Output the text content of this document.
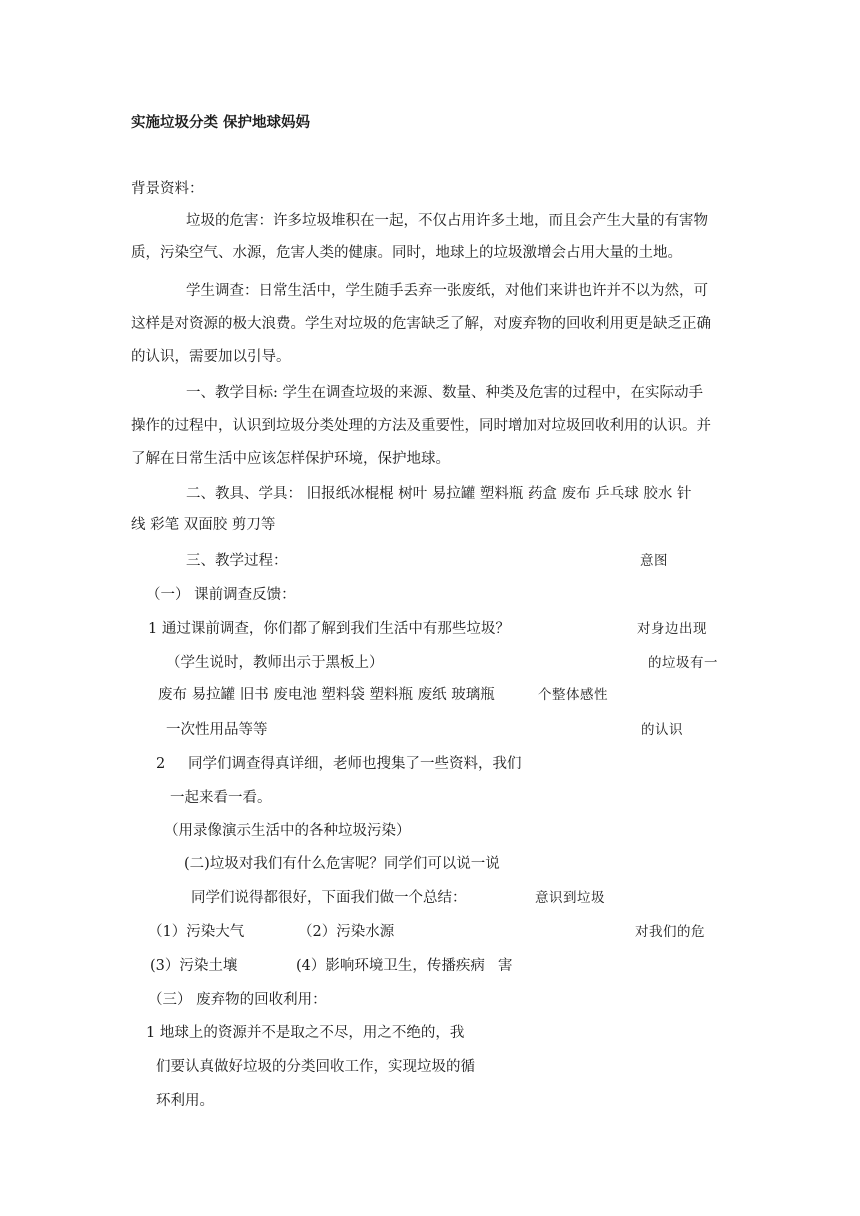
实施垃圾分类 保护地球妈妈
背景资料：
垃圾的危害：许多垃圾堆积在一起，不仅占用许多土地，而且会产生大量的有害物
质，污染空气、水源，危害人类的健康。同时，地球上的垃圾激增会占用大量的土地。
学生调查：日常生活中，学生随手丢弃一张废纸，对他们来讲也许并不以为然，可
这样是对资源的极大浪费。学生对垃圾的危害缺乏了解，对废弃物的回收利用更是缺乏正确
的认识，需要加以引导。
一、教学目标: 学生在调查垃圾的来源、数量、种类及危害的过程中，在实际动手
操作的过程中，认识到垃圾分类处理的方法及重要性，同时增加对垃圾回收利用的认识。并
了解在日常生活中应该怎样保护环境，保护地球。
二、教具、学具： 旧报纸冰棍棍 树叶 易拉罐 塑料瓶 药盒 废布 乒乓球 胶水 针
线 彩笔 双面胶 剪刀等
三、教学过程：	意图
（一） 课前调查反馈：
1 通过课前调查，你们都了解到我们生活中有那些垃圾？	对身边出现
（学生说时，教师出示于黑板上）	的垃圾有一
废布 易拉罐 旧书 废电池 塑料袋 塑料瓶 废纸 玻璃瓶	个整体感性
一次性用品等等	的认识
2 同学们调查得真详细，老师也搜集了一些资料，我们
一起来看一看。
（用录像演示生活中的各种垃圾污染）
(二)垃圾对我们有什么危害呢？同学们可以说一说
同学们说得都很好，下面我们做一个总结：	意识到垃圾
（1）污染大气	（2）污染水源	对我们的危
(3）污染土壤	(4）影响环境卫生，传播疾病 害
（三） 废弃物的回收利用：
1 地球上的资源并不是取之不尽，用之不绝的，我
们要认真做好垃圾的分类回收工作，实现垃圾的循
环利用。
